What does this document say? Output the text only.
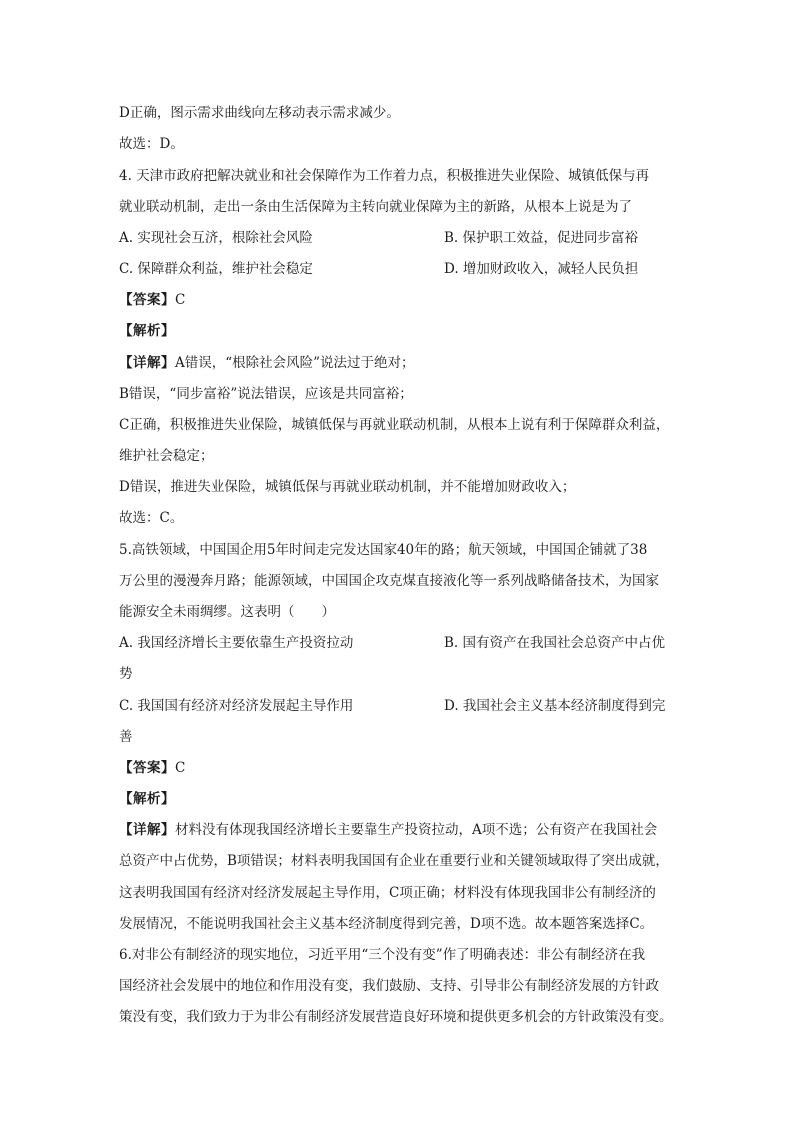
D正确，图示需求曲线向左移动表示需求减少。
故选：D。
4. 天津市政府把解决就业和社会保障作为工作着力点，积极推进失业保险、城镇低保与再
就业联动机制，走出一条由生活保障为主转向就业保障为主的新路，从根本上说是为了
A. 实现社会互济，根除社会风险	B. 保护职工效益，促进同步富裕
C. 保障群众利益，维护社会稳定	D. 增加财政收入，减轻人民负担
【答案】C
【解析】
【详解】A错误，“根除社会风险”说法过于绝对；
B错误，“同步富裕”说法错误，应该是共同富裕；
C正确，积极推进失业保险，城镇低保与再就业联动机制，从根本上说有利于保障群众利益，
维护社会稳定；
D错误，推进失业保险，城镇低保与再就业联动机制，并不能增加财政收入；
故选：C。
5.高铁领域，中国国企用5年时间走完发达国家40年的路；航天领域，中国国企铺就了38
万公里的漫漫奔月路；能源领域，中国国企攻克煤直接液化等一系列战略储备技术，为国家
能源安全未雨绸缪。这表明（　　）
A. 我国经济增长主要依靠生产投资拉动	B. 国有资产在我国社会总资产中占优
势
C. 我国国有经济对经济发展起主导作用	D. 我国社会主义基本经济制度得到完
善
【答案】C
【解析】
【详解】材料没有体现我国经济增长主要靠生产投资拉动，A项不选；公有资产在我国社会
总资产中占优势，B项错误；材料表明我国国有企业在重要行业和关键领域取得了突出成就，
这表明我国国有经济对经济发展起主导作用，C项正确；材料没有体现我国非公有制经济的
发展情况，不能说明我国社会主义基本经济制度得到完善，D项不选。故本题答案选择C。
6.对非公有制经济的现实地位，习近平用“三个没有变”作了明确表述：非公有制经济在我
国经济社会发展中的地位和作用没有变，我们鼓励、支持、引导非公有制经济发展的方针政
策没有变，我们致力于为非公有制经济发展营造良好环境和提供更多机会的方针政策没有变。
